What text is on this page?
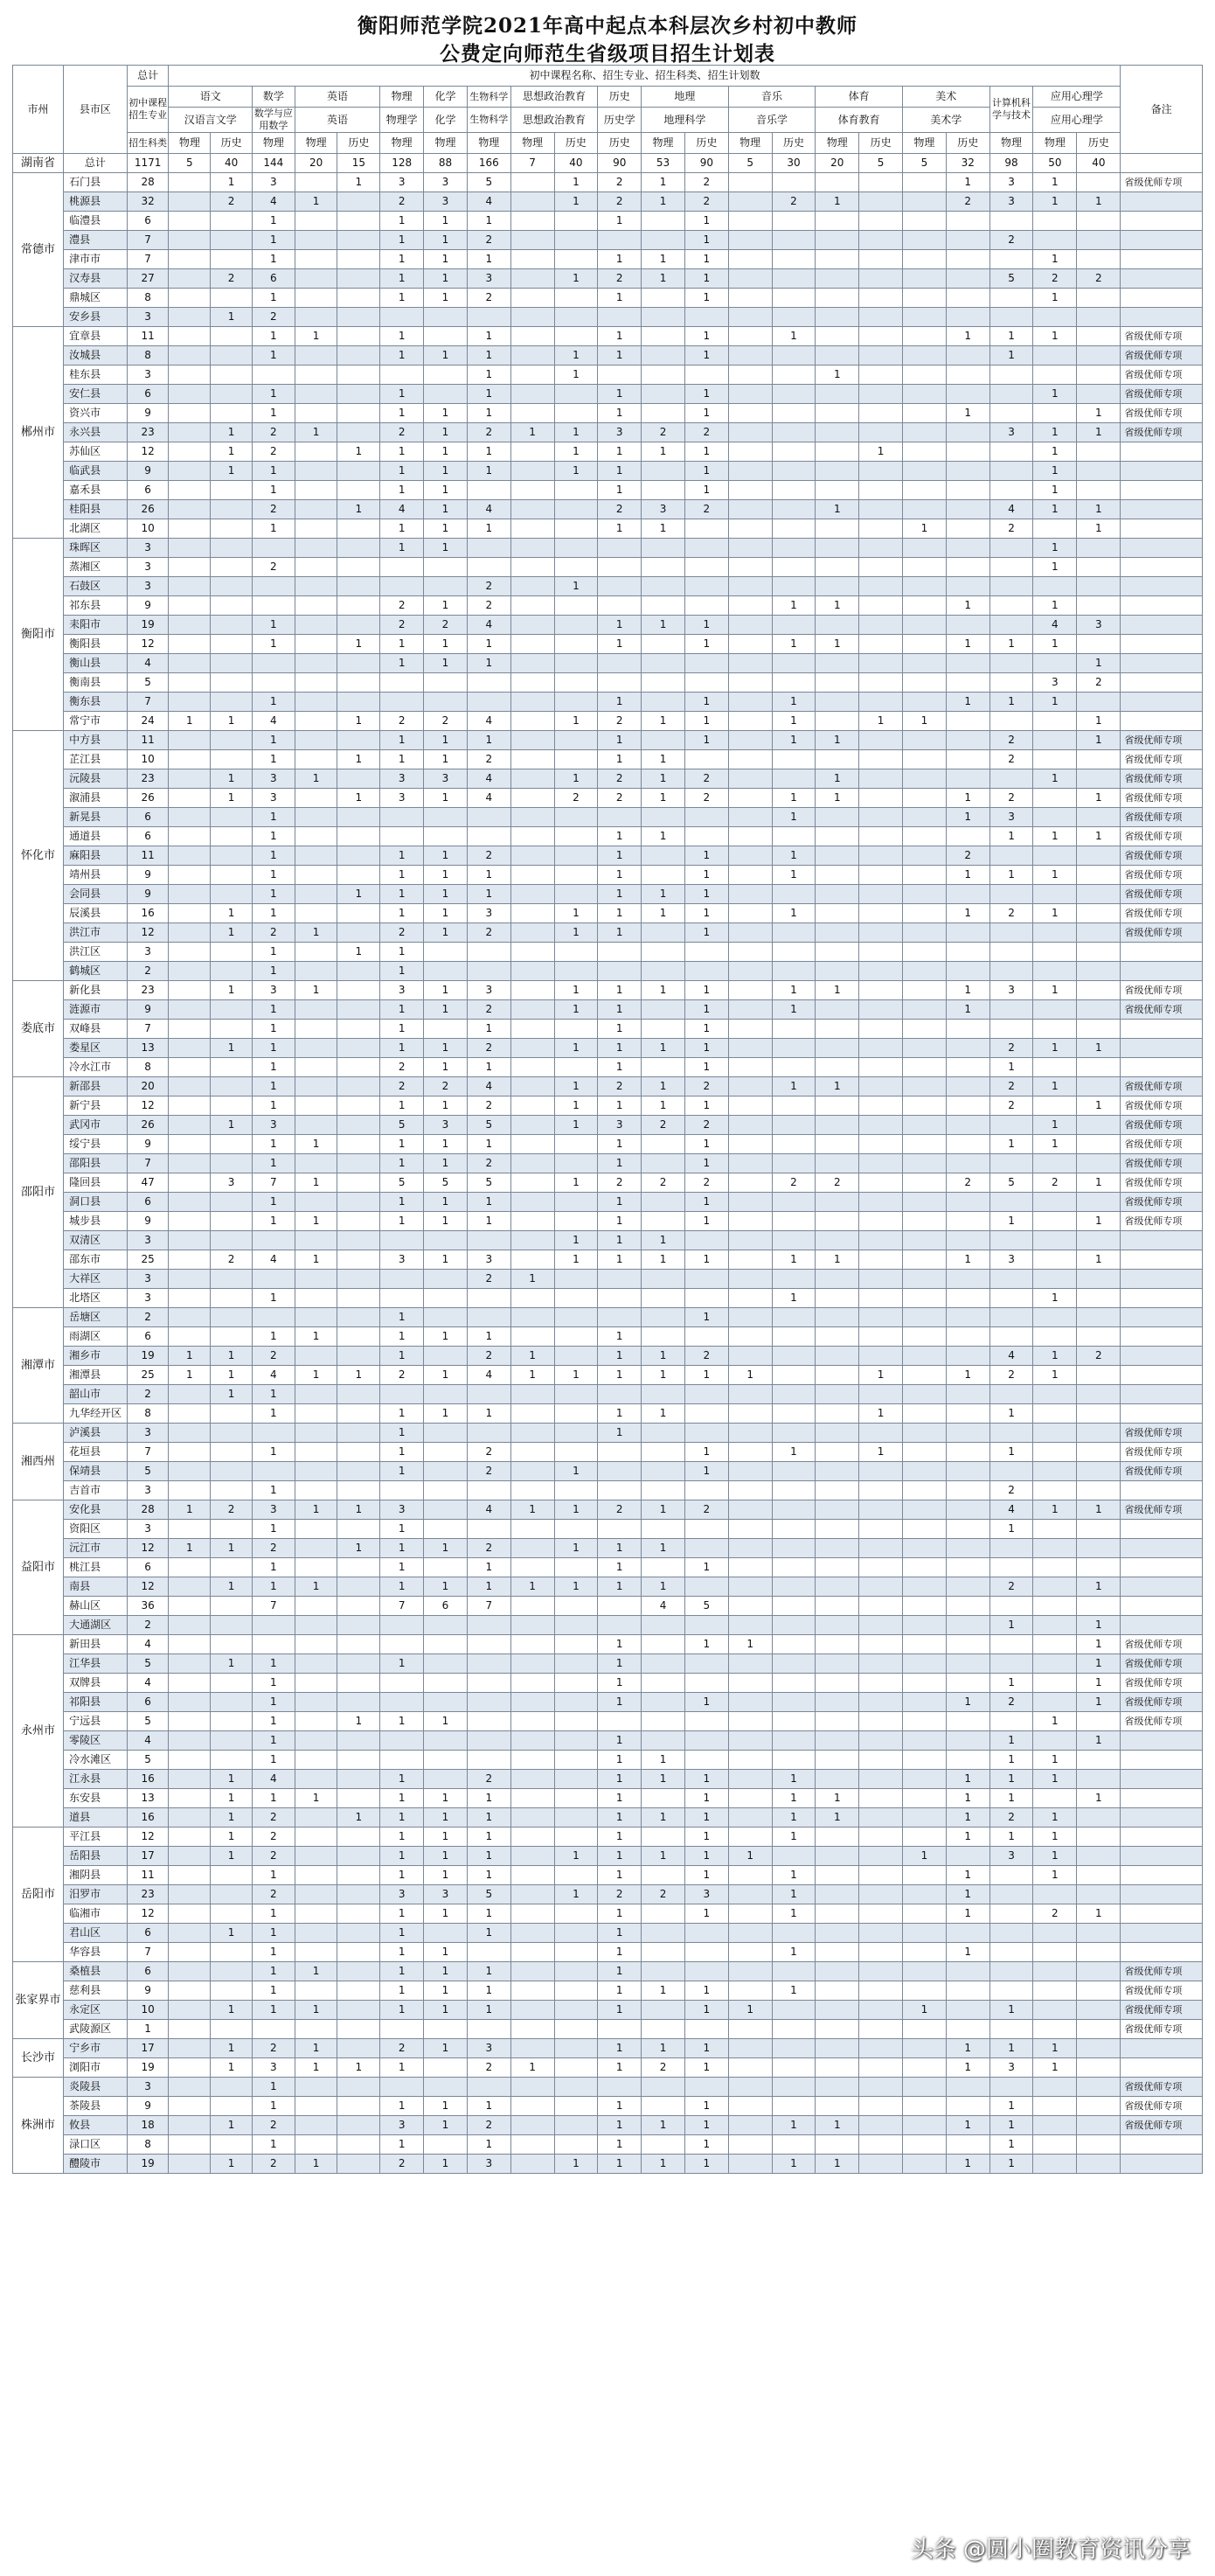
衡阳师范学院2021年高中起点本科层次乡村初中教师
公费定向师范生省级项目招生计划表
市州	县市区	总计	初中课程名称、招生专业、招生科类、招生计划数																						备注
		初中课程招生专业	语文		数学	英语		物理	化学	生物科学	思想政治教育		历史	地理		音乐		体育		美术		计算机科学与技术	应用心理学		
			汉语言文学		数学与应用数学	英语		物理学	化学	生物科学	思想政治教育		历史学	地理科学		音乐学		体育教育		美术学			应用心理学		
		招生科类	物理	历史	物理	物理	历史	物理	物理	物理	物理	历史	历史	物理	历史	物理	历史	物理	历史	物理	历史	物理	物理	历史	
湖南省	总计	1171	5	40	144	20	15	128	88	166	7	40	90	53	90	5	30	20	5	5	32	98	50	40	
常德市	石门县	28		1	3		1	3	3	5		1	2	1	2						1	3	1		省级优师专项
	桃源县	32		2	4	1		2	3	4		1	2	1	2		2	1			2	3	1	1	
	临澧县	6			1			1	1	1			1		1										
	澧县	7			1			1	1	2					1							2			
	津市市	7			1			1	1	1			1	1	1								1		
	汉寿县	27		2	6			1	1	3		1	2	1	1							5	2	2	
	鼎城区	8			1			1	1	2			1		1								1		
	安乡县	3		1	2																				
郴州市	宜章县	11			1	1		1		1			1		1		1				1	1	1		省级优师专项
	汝城县	8			1			1	1	1		1	1		1							1			省级优师专项
	桂东县	3								1		1						1							省级优师专项
	安仁县	6			1			1		1			1		1								1		省级优师专项
	资兴市	9			1			1	1	1			1		1						1			1	省级优师专项
	永兴县	23		1	2	1		2	1	2	1	1	3	2	2							3	1	1	省级优师专项
	苏仙区	12		1	2		1	1	1	1		1	1	1	1				1				1		
	临武县	9		1	1			1	1	1		1	1		1								1		
	嘉禾县	6			1			1	1				1		1								1		
	桂阳县	26			2		1	4	1	4			2	3	2			1				4	1	1	
	北湖区	10			1			1	1	1			1	1						1		2		1	
衡阳市	珠晖区	3						1	1														1		
	蒸湘区	3			2																		1		
	石鼓区	3								2		1													
	祁东县	9						2	1	2							1	1			1		1		
	耒阳市	19			1			2	2	4			1	1	1								4	3	
	衡阳县	12			1		1	1	1	1			1		1		1	1			1	1	1		
	衡山县	4						1	1	1														1	
	衡南县	5																					3	2	
	衡东县	7			1								1		1		1				1	1	1		
	常宁市	24	1	1	4		1	2	2	4		1	2	1	1		1		1	1				1	
怀化市	中方县	11			1			1	1	1			1		1		1	1				2		1	省级优师专项
	芷江县	10			1		1	1	1	2			1	1								2			省级优师专项
	沅陵县	23		1	3	1		3	3	4		1	2	1	2			1					1		省级优师专项
	溆浦县	26		1	3		1	3	1	4		2	2	1	2		1	1			1	2		1	省级优师专项
	新晃县	6			1												1				1	3			省级优师专项
	通道县	6			1								1	1								1	1	1	省级优师专项
	麻阳县	11			1			1	1	2			1		1		1				2				省级优师专项
	靖州县	9			1			1	1	1			1		1		1				1	1	1		省级优师专项
	会同县	9			1		1	1	1	1			1	1	1										省级优师专项
	辰溪县	16		1	1			1	1	3		1	1	1	1		1				1	2	1		省级优师专项
	洪江市	12		1	2	1		2	1	2		1	1		1										省级优师专项
	洪江区	3			1		1	1																	
	鹤城区	2			1			1																	
娄底市	新化县	23		1	3	1		3	1	3		1	1	1	1		1	1			1	3	1		省级优师专项
	涟源市	9			1			1	1	2		1	1		1		1				1				省级优师专项
	双峰县	7			1			1		1			1		1										
	娄星区	13		1	1			1	1	2		1	1	1	1							2	1	1	
	冷水江市	8			1			2	1	1			1		1							1			
邵阳市	新邵县	20			1			2	2	4		1	2	1	2		1	1				2	1		省级优师专项
	新宁县	12			1			1	1	2		1	1	1	1							2		1	省级优师专项
	武冈市	26		1	3			5	3	5		1	3	2	2								1		省级优师专项
	绥宁县	9			1	1		1	1	1			1		1							1	1		省级优师专项
	邵阳县	7			1			1	1	2			1		1										省级优师专项
	隆回县	47		3	7	1		5	5	5		1	2	2	2		2	2			2	5	2	1	省级优师专项
	洞口县	6			1			1	1	1			1		1										省级优师专项
	城步县	9			1	1		1	1	1			1		1							1		1	省级优师专项
	双清区	3										1	1	1											
	邵东市	25		2	4	1		3	1	3		1	1	1	1		1	1			1	3		1	
	大祥区	3								2	1														
	北塔区	3			1												1						1		
湘潭市	岳塘区	2						1							1										
	雨湖区	6			1	1		1	1	1			1												
	湘乡市	19	1	1	2			1		2	1		1	1	2							4	1	2	
	湘潭县	25	1	1	4	1	1	2	1	4	1	1	1	1	1	1			1		1	2	1		
	韶山市	2		1	1																				
	九华经开区	8			1			1	1	1			1	1					1			1			
湘西州	泸溪县	3						1					1												省级优师专项
	花垣县	7			1			1		2					1		1		1			1			省级优师专项
	保靖县	5						1		2		1			1										省级优师专项
	吉首市	3			1																	2			
益阳市	安化县	28	1	2	3	1	1	3		4	1	1	2	1	2							4	1	1	省级优师专项
	资阳区	3			1			1														1			
	沅江市	12	1	1	2		1	1	1	2		1	1	1											
	桃江县	6			1			1		1			1		1										
	南县	12		1	1	1		1	1	1	1	1	1	1								2		1	
	赫山区	36			7			7	6	7				4	5										
	大通湖区	2																				1		1	
永州市	新田县	4											1		1	1								1	省级优师专项
	江华县	5		1	1			1					1											1	省级优师专项
	双牌县	4			1								1									1		1	省级优师专项
	祁阳县	6			1								1		1						1	2		1	省级优师专项
	宁远县	5			1		1	1	1														1		省级优师专项
	零陵区	4			1								1									1		1	
	冷水滩区	5			1								1	1								1	1		
	江永县	16		1	4			1		2			1	1	1		1				1	1	1		
	东安县	13		1	1	1		1	1	1			1		1		1	1			1	1		1	
	道县	16		1	2		1	1	1	1			1	1	1		1	1			1	2	1		
岳阳市	平江县	12		1	2			1	1	1			1		1		1				1	1	1		
	岳阳县	17		1	2			1	1	1		1	1	1	1	1				1		3	1		
	湘阴县	11			1			1	1	1			1		1		1				1		1		
	汨罗市	23			2			3	3	5		1	2	2	3		1				1				
	临湘市	12			1			1	1	1			1		1		1				1		2	1	
	君山区	6		1	1			1		1			1												
	华容县	7			1			1	1				1				1				1				
张家界市	桑植县	6			1	1		1	1	1			1												省级优师专项
	慈利县	9			1			1	1	1			1	1	1		1								省级优师专项
	永定区	10		1	1	1		1	1	1			1		1	1				1		1			省级优师专项
	武陵源区	1																							省级优师专项
长沙市	宁乡市	17		1	2	1		2	1	3			1	1	1						1	1	1		
	浏阳市	19		1	3	1	1	1		2	1		1	2	1						1	3	1		
株洲市	炎陵县	3			1																				省级优师专项
	茶陵县	9			1			1	1	1			1		1							1			省级优师专项
	攸县	18		1	2			3	1	2			1	1	1		1	1			1	1			省级优师专项
	渌口区	8			1			1		1			1		1							1			
	醴陵市	19		1	2	1		2	1	3		1	1	1	1		1	1			1	1			
头条 @圆小圈教育资讯分享
